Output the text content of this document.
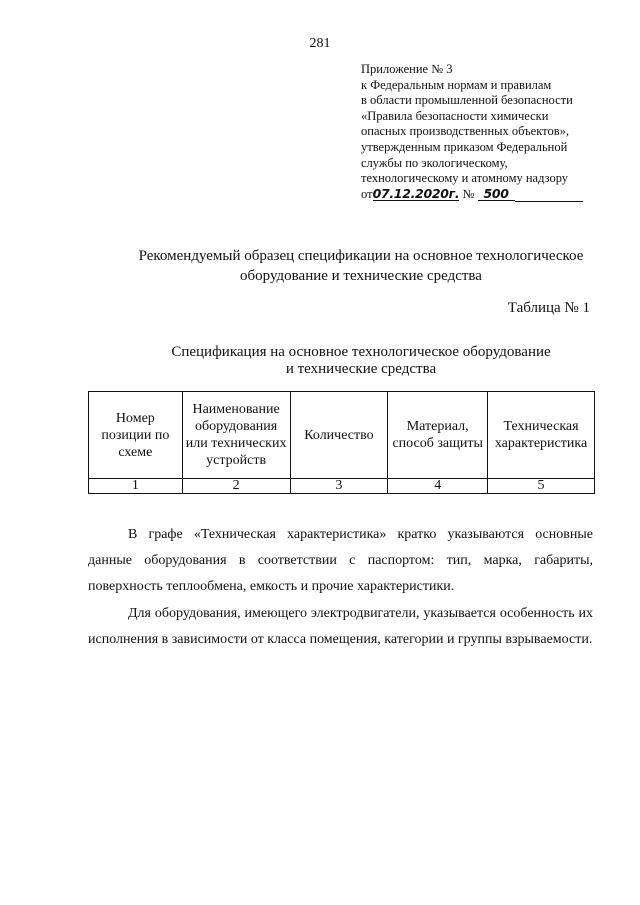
281
Приложение № 3
к Федеральным нормам и правилам
в области промышленной безопасности
«Правила безопасности химически
опасных производственных объектов»,
утвержденным приказом Федеральной
службы по экологическому,
технологическому и атомному надзору
от07.12.2020г. № 500
Рекомендуемый образец спецификации на основное технологическое
оборудование и технические средства
Таблица № 1
Спецификация на основное технологическое оборудование
и технические средства
Номер позиции по схеме	Наименование оборудования или технических устройств	Количество	Материал, способ защиты	Техническая характеристика
1	2	3	4	5

В графе «Техническая характеристика» кратко указываются основные данные оборудования в соответствии с паспортом: тип, марка, габариты, поверхность теплообмена, емкость и прочие характеристики.

Для оборудования, имеющего электродвигатели, указывается особенность их исполнения в зависимости от класса помещения, категории и группы взрываемости.
